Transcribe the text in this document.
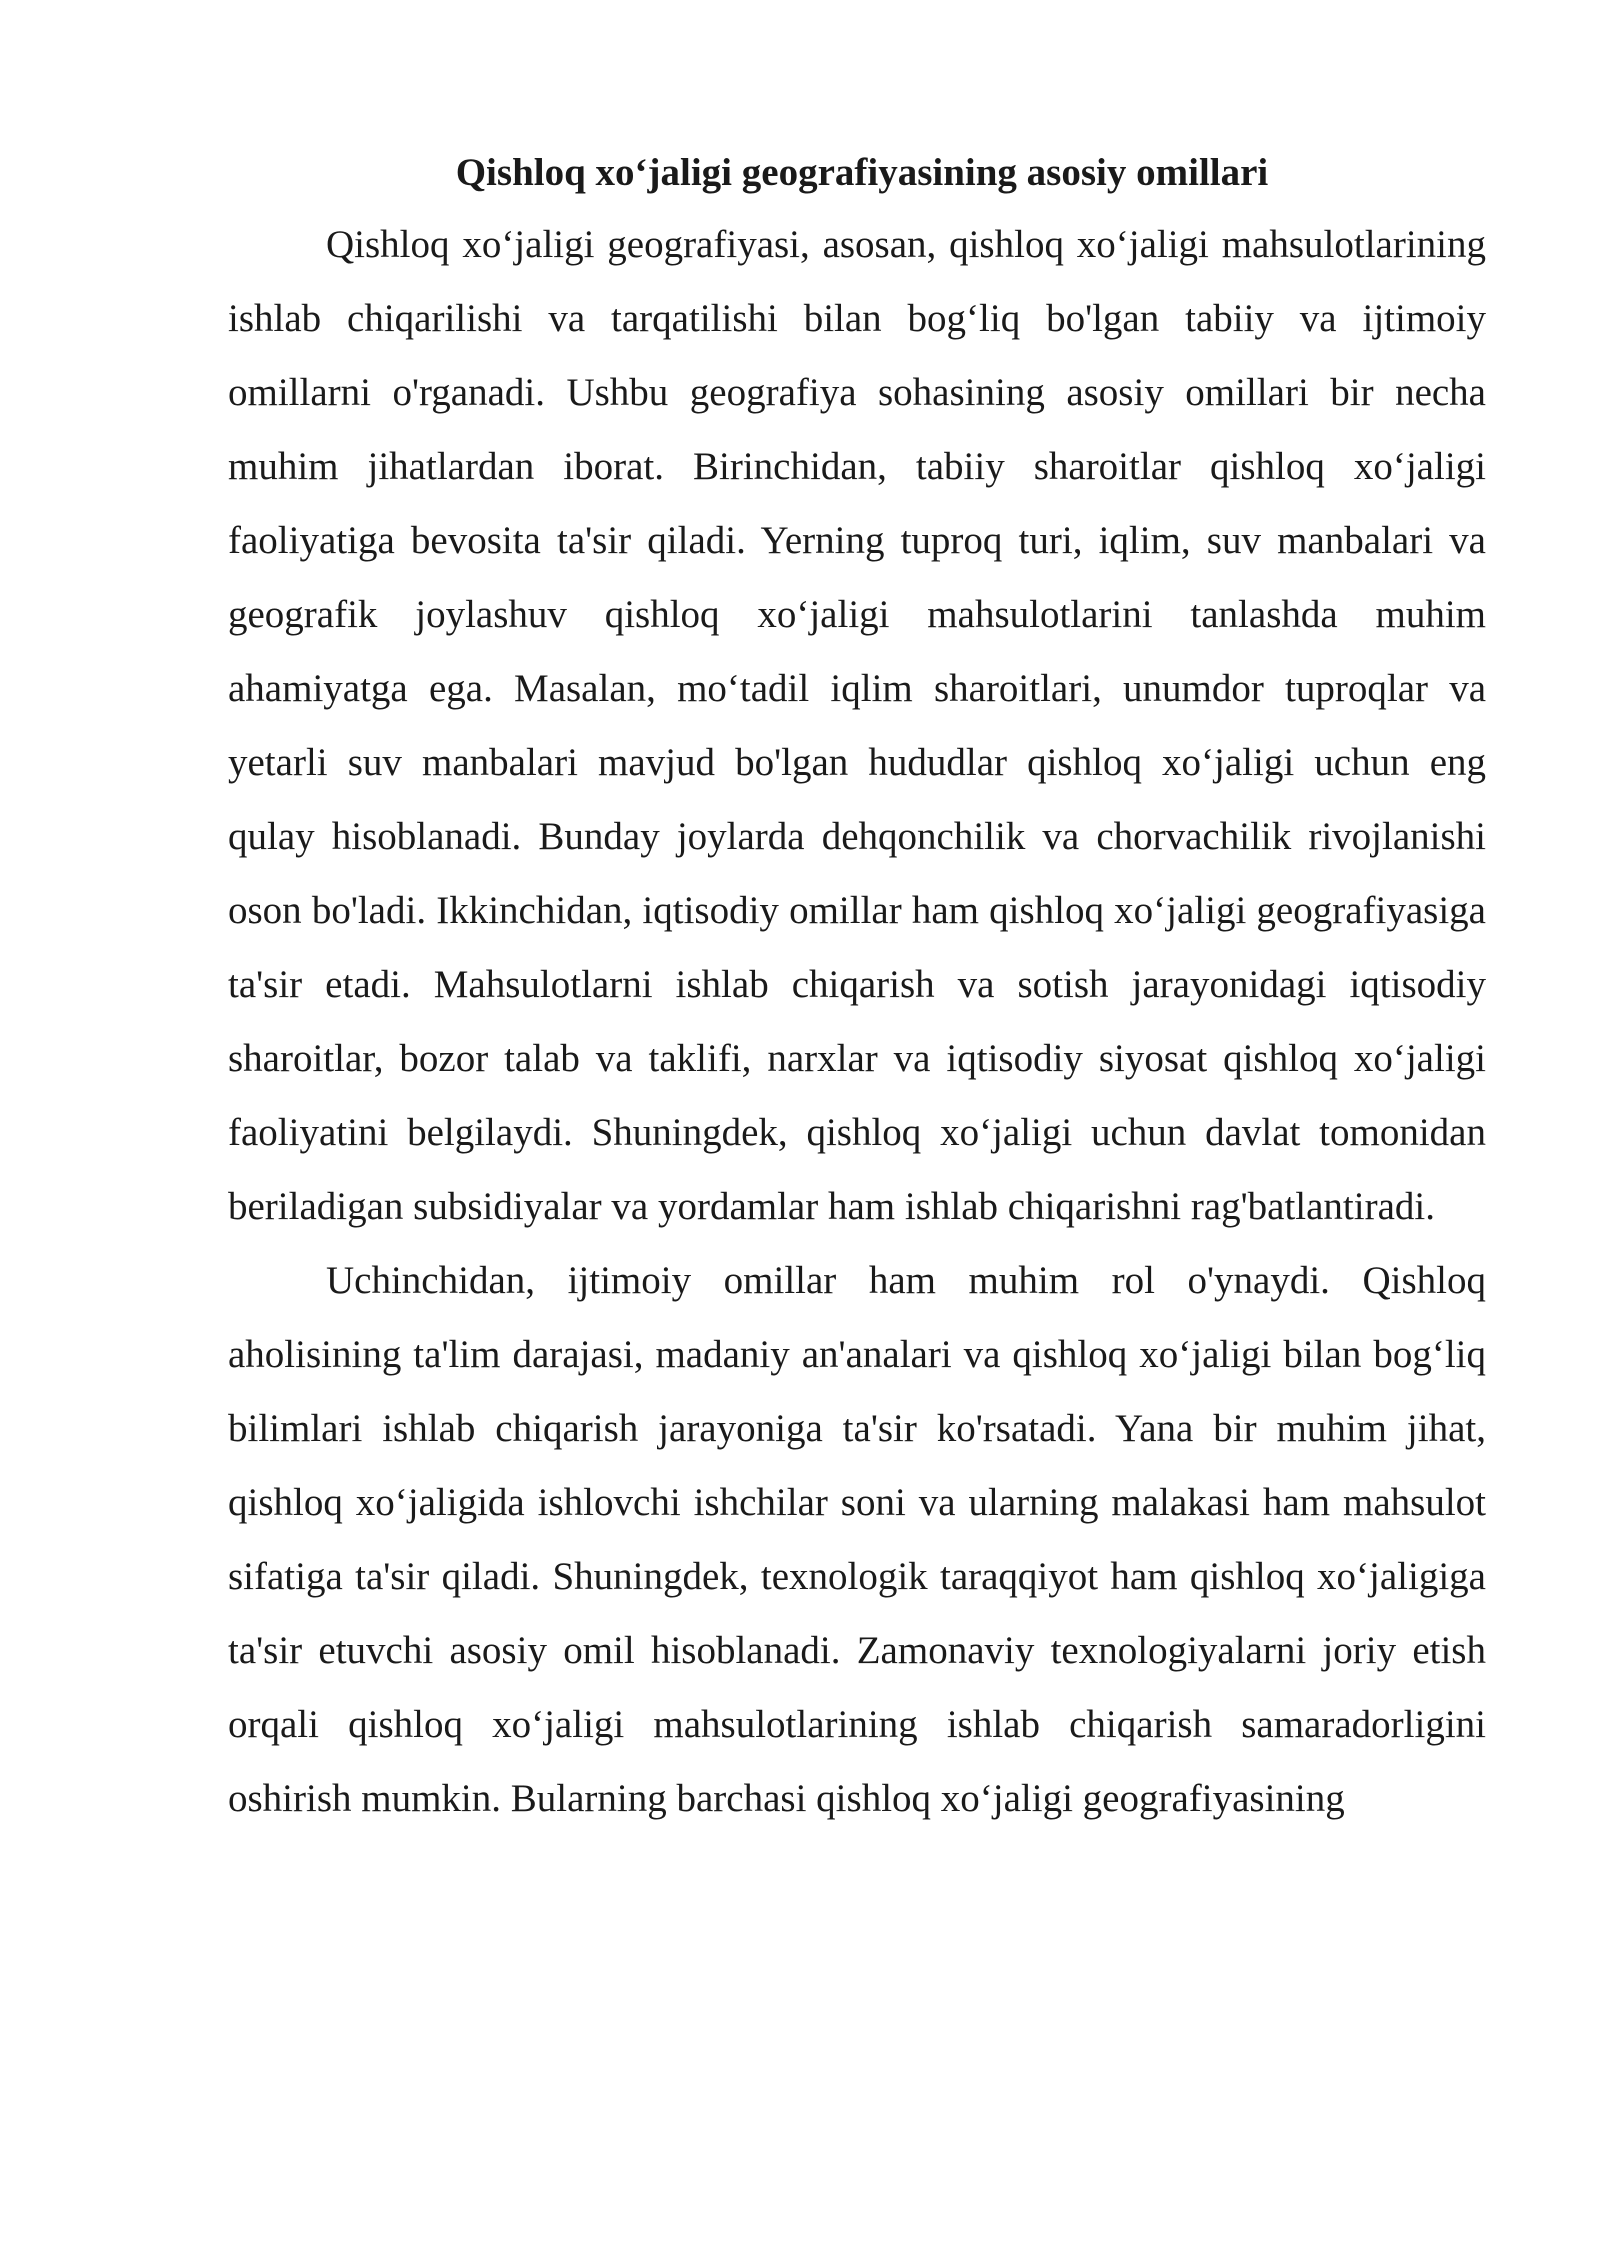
Qishloq xo‘jaligi geografiyasining asosiy omillari

Qishloq xo‘jaligi geografiyasi, asosan, qishloq xo‘jaligi mahsulotlarining ishlab chiqarilishi va tarqatilishi bilan bog‘liq bo'lgan tabiiy va ijtimoiy omillarni o'rganadi. Ushbu geografiya sohasining asosiy omillari bir necha muhim jihatlardan iborat. Birinchidan, tabiiy sharoitlar qishloq xo‘jaligi faoliyatiga bevosita ta'sir qiladi. Yerning tuproq turi, iqlim, suv manbalari va geografik joylashuv qishloq xo‘jaligi mahsulotlarini tanlashda muhim ahamiyatga ega. Masalan, mo‘tadil iqlim sharoitlari, unumdor tuproqlar va yetarli suv manbalari mavjud bo'lgan hududlar qishloq xo‘jaligi uchun eng qulay hisoblanadi. Bunday joylarda dehqonchilik va chorvachilik rivojlanishi oson bo'ladi. Ikkinchidan, iqtisodiy omillar ham qishloq xo‘jaligi geografiyasiga ta'sir etadi. Mahsulotlarni ishlab chiqarish va sotish jarayonidagi iqtisodiy sharoitlar, bozor talab va taklifi, narxlar va iqtisodiy siyosat qishloq xo‘jaligi faoliyatini belgilaydi. Shuningdek, qishloq xo‘jaligi uchun davlat tomonidan beriladigan subsidiyalar va yordamlar ham ishlab chiqarishni rag'batlantiradi.

Uchinchidan, ijtimoiy omillar ham muhim rol o'ynaydi. Qishloq aholisining ta'lim darajasi, madaniy an'analari va qishloq xo‘jaligi bilan bog‘liq bilimlari ishlab chiqarish jarayoniga ta'sir ko'rsatadi. Yana bir muhim jihat, qishloq xo‘jaligida ishlovchi ishchilar soni va ularning malakasi ham mahsulot sifatiga ta'sir qiladi. Shuningdek, texnologik taraqqiyot ham qishloq xo‘jaligiga ta'sir etuvchi asosiy omil hisoblanadi. Zamonaviy texnologiyalarni joriy etish orqali qishloq xo‘jaligi mahsulotlarining ishlab chiqarish samaradorligini oshirish mumkin. Bularning barchasi qishloq xo‘jaligi geografiyasining
